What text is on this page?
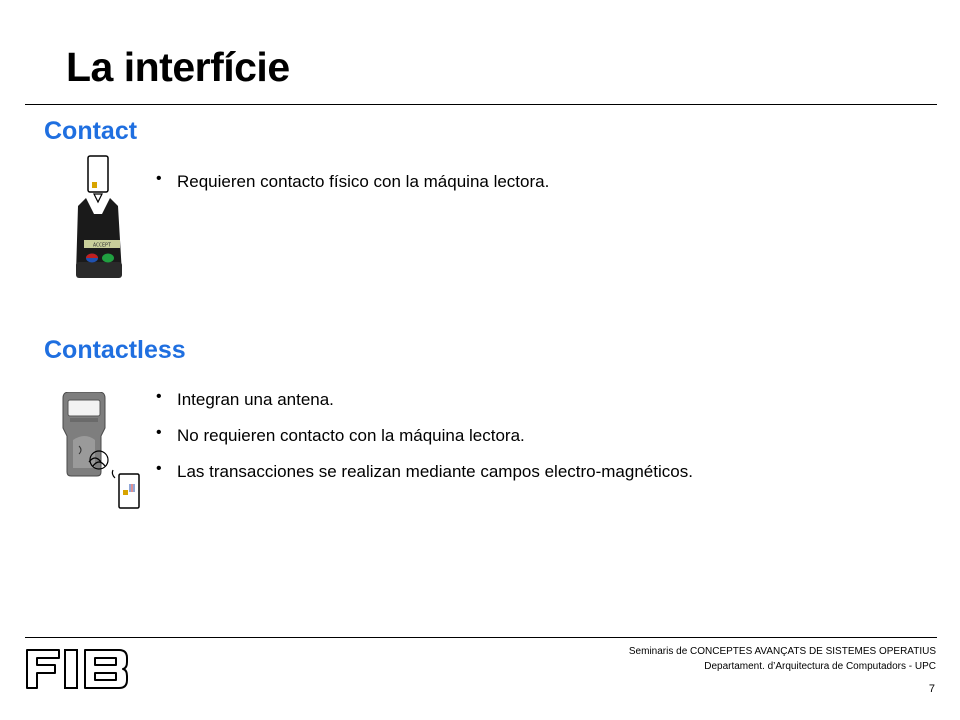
La interfície
Contact
ACCEPT
• Requieren contacto físico con la máquina lectora.
Contactless
• Integran una antena.
• No requieren contacto con la máquina lectora.
• Las transacciones se realizan mediante campos electro-magnéticos.
Seminaris de CONCEPTES AVANÇATS DE SISTEMES OPERATIUS
Departament. d’Arquitectura de Computadors - UPC
7
